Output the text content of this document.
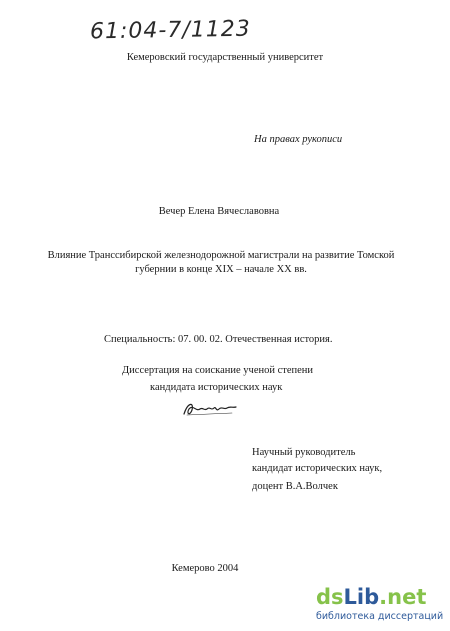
61:04-7/1123
Кемеровский государственный университет
На правах рукописи
Вечер Елена Вячеславовна
Влияние Транссибирской железнодорожной магистрали на развитие Томской
губернии в конце XIX – начале XX вв.
Специальность: 07. 00. 02. Отечественная история.
Диссертация на соискание ученой степени
кандидата исторических наук
Научный руководитель
кандидат исторических наук,
доцент В.А.Волчек
Кемерово 2004
dsLib.net
библиотека диссертаций
